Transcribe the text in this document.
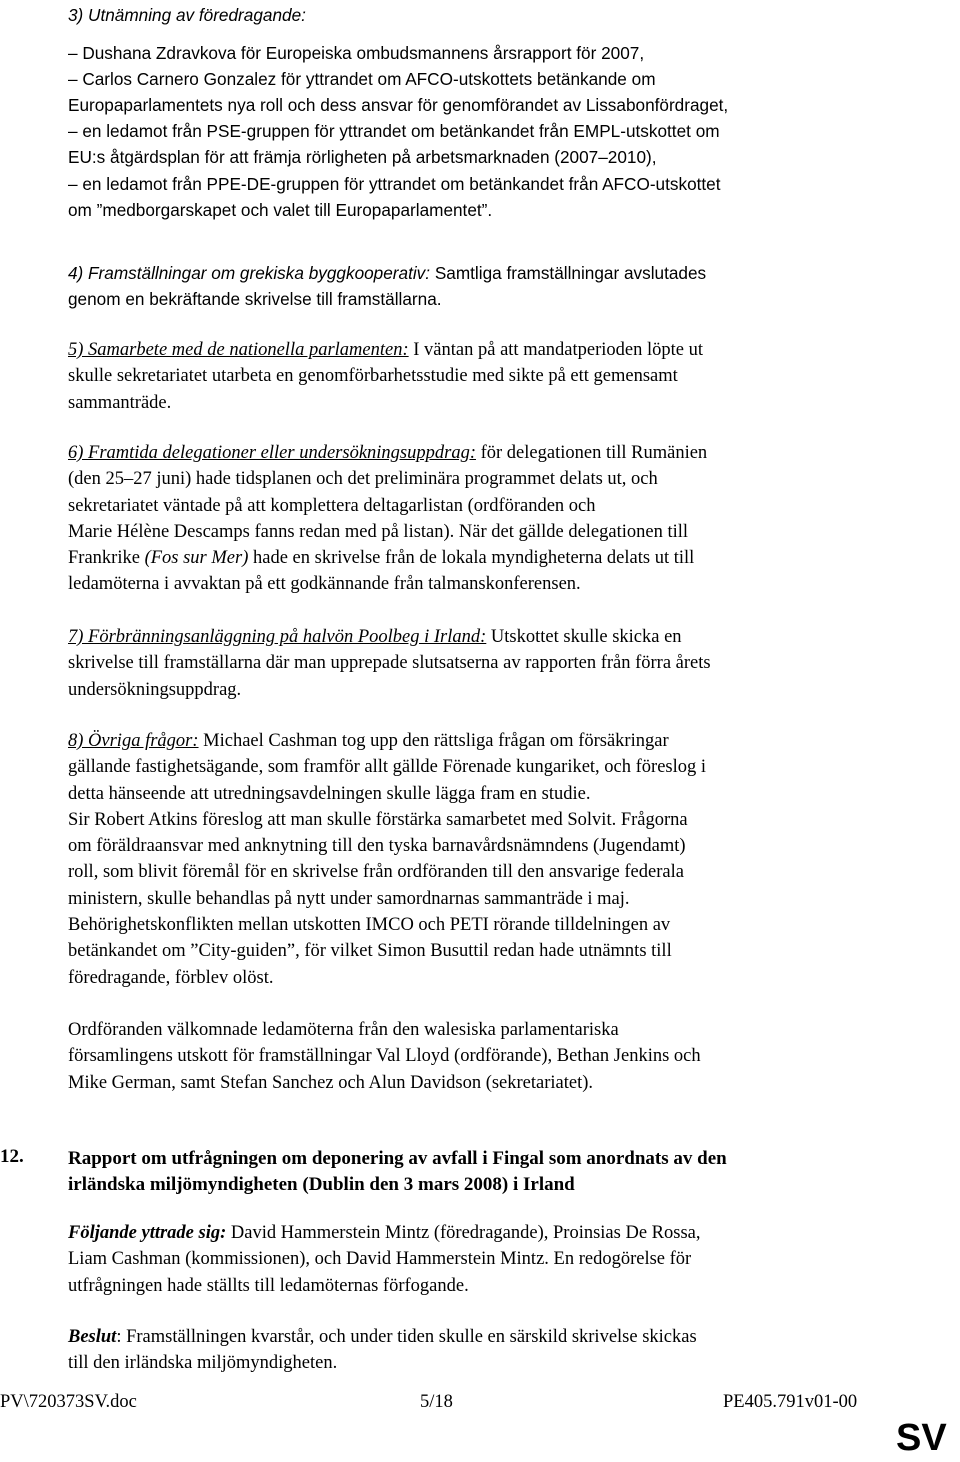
3) Utnämning av föredragande:
– Dushana Zdravkova för Europeiska ombudsmannens årsrapport för 2007,
– Carlos Carnero Gonzalez för yttrandet om AFCO-utskottets betänkande om
Europaparlamentets nya roll och dess ansvar för genomförandet av Lissabonfördraget,
– en ledamot från PSE-gruppen för yttrandet om betänkandet från EMPL-utskottet om
EU:s åtgärdsplan för att främja rörligheten på arbetsmarknaden (2007–2010),
– en ledamot från PPE-DE-gruppen för yttrandet om betänkandet från AFCO-utskottet
om ”medborgarskapet och valet till Europaparlamentet”.
4) Framställningar om grekiska byggkooperativ: Samtliga framställningar avslutades
genom en bekräftande skrivelse till framställarna.
5) Samarbete med de nationella parlamenten: I väntan på att mandatperioden löpte ut
skulle sekretariatet utarbeta en genomförbarhetsstudie med sikte på ett gemensamt
sammanträde.
6) Framtida delegationer eller undersökningsuppdrag: för delegationen till Rumänien
(den 25–27 juni) hade tidsplanen och det preliminära programmet delats ut, och
sekretariatet väntade på att komplettera deltagarlistan (ordföranden och
Marie Hélène Descamps fanns redan med på listan). När det gällde delegationen till
Frankrike (Fos sur Mer) hade en skrivelse från de lokala myndigheterna delats ut till
ledamöterna i avvaktan på ett godkännande från talmanskonferensen.
7) Förbränningsanläggning på halvön Poolbeg i Irland: Utskottet skulle skicka en
skrivelse till framställarna där man upprepade slutsatserna av rapporten från förra årets
undersökningsuppdrag.
8) Övriga frågor: Michael Cashman tog upp den rättsliga frågan om försäkringar
gällande fastighetsägande, som framför allt gällde Förenade kungariket, och föreslog i
detta hänseende att utredningsavdelningen skulle lägga fram en studie.
Sir Robert Atkins föreslog att man skulle förstärka samarbetet med Solvit. Frågorna
om föräldraansvar med anknytning till den tyska barnavårdsnämndens (Jugendamt)
roll, som blivit föremål för en skrivelse från ordföranden till den ansvarige federala
ministern, skulle behandlas på nytt under samordnarnas sammanträde i maj.
Behörighetskonflikten mellan utskotten IMCO och PETI rörande tilldelningen av
betänkandet om ”City-guiden”, för vilket Simon Busuttil redan hade utnämnts till
föredragande, förblev olöst.
Ordföranden välkomnade ledamöterna från den walesiska parlamentariska
församlingens utskott för framställningar Val Lloyd (ordförande), Bethan Jenkins och
Mike German, samt Stefan Sanchez och Alun Davidson (sekretariatet).
12. Rapport om utfrågningen om deponering av avfall i Fingal som anordnats av den
irländska miljömyndigheten (Dublin den 3 mars 2008) i Irland
Följande yttrade sig: David Hammerstein Mintz (föredragande), Proinsias De Rossa,
Liam Cashman (kommissionen), och David Hammerstein Mintz. En redogörelse för
utfrågningen hade ställts till ledamöternas förfogande.
Beslut: Framställningen kvarstår, och under tiden skulle en särskild skrivelse skickas
till den irländska miljömyndigheten.
PV\720373SV.doc	5/18	PE405.791v01-00
SV
